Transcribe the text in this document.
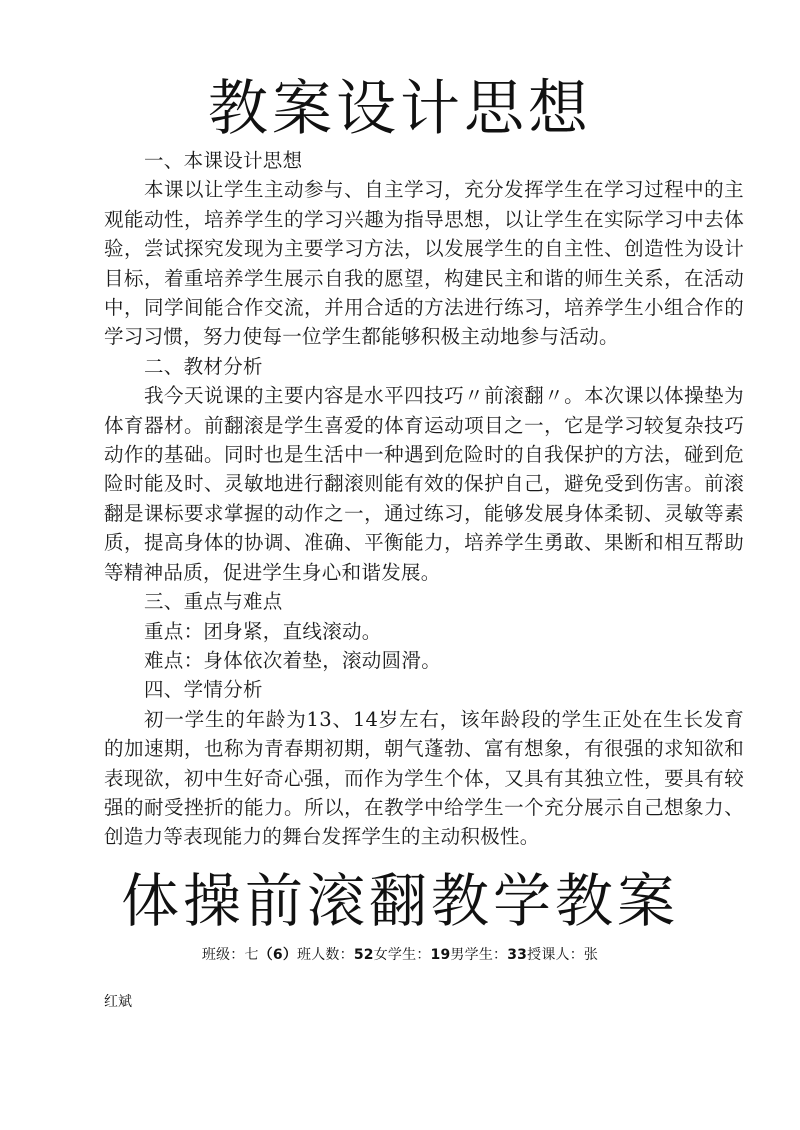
教案设计思想

一、本课设计思想

本课以让学生主动参与、自主学习，充分发挥学生在学习过程中的主观能动性，培养学生的学习兴趣为指导思想，以让学生在实际学习中去体验，尝试探究发现为主要学习方法，以发展学生的自主性、创造性为设计目标，着重培养学生展示自我的愿望，构建民主和谐的师生关系，在活动中，同学间能合作交流，并用合适的方法进行练习，培养学生小组合作的学习习惯，努力使每一位学生都能够积极主动地参与活动。

二、教材分析

我今天说课的主要内容是水平四技巧〃前滚翻〃。本次课以体操垫为体育器材。前翻滚是学生喜爱的体育运动项目之一，它是学习较复杂技巧动作的基础。同时也是生活中一种遇到危险时的自我保护的方法，碰到危险时能及时、灵敏地进行翻滚则能有效的保护自己，避免受到伤害。前滚翻是课标要求掌握的动作之一，通过练习，能够发展身体柔韧、灵敏等素质，提高身体的协调、准确、平衡能力，培养学生勇敢、果断和相互帮助等精神品质，促进学生身心和谐发展。

三、重点与难点

重点：团身紧，直线滚动。

难点：身体依次着垫，滚动圆滑。

四、学情分析

初一学生的年龄为13、14岁左右，该年龄段的学生正处在生长发育的加速期，也称为青春期初期，朝气蓬勃、富有想象，有很强的求知欲和表现欲，初中生好奇心强，而作为学生个体，又具有其独立性，要具有较强的耐受挫折的能力。所以，在教学中给学生一个充分展示自己想象力、创造力等表现能力的舞台发挥学生的主动积极性。

体操前滚翻教学教案
班级：七（6）班人数：52女学生：19男学生：33授课人：张
红斌
